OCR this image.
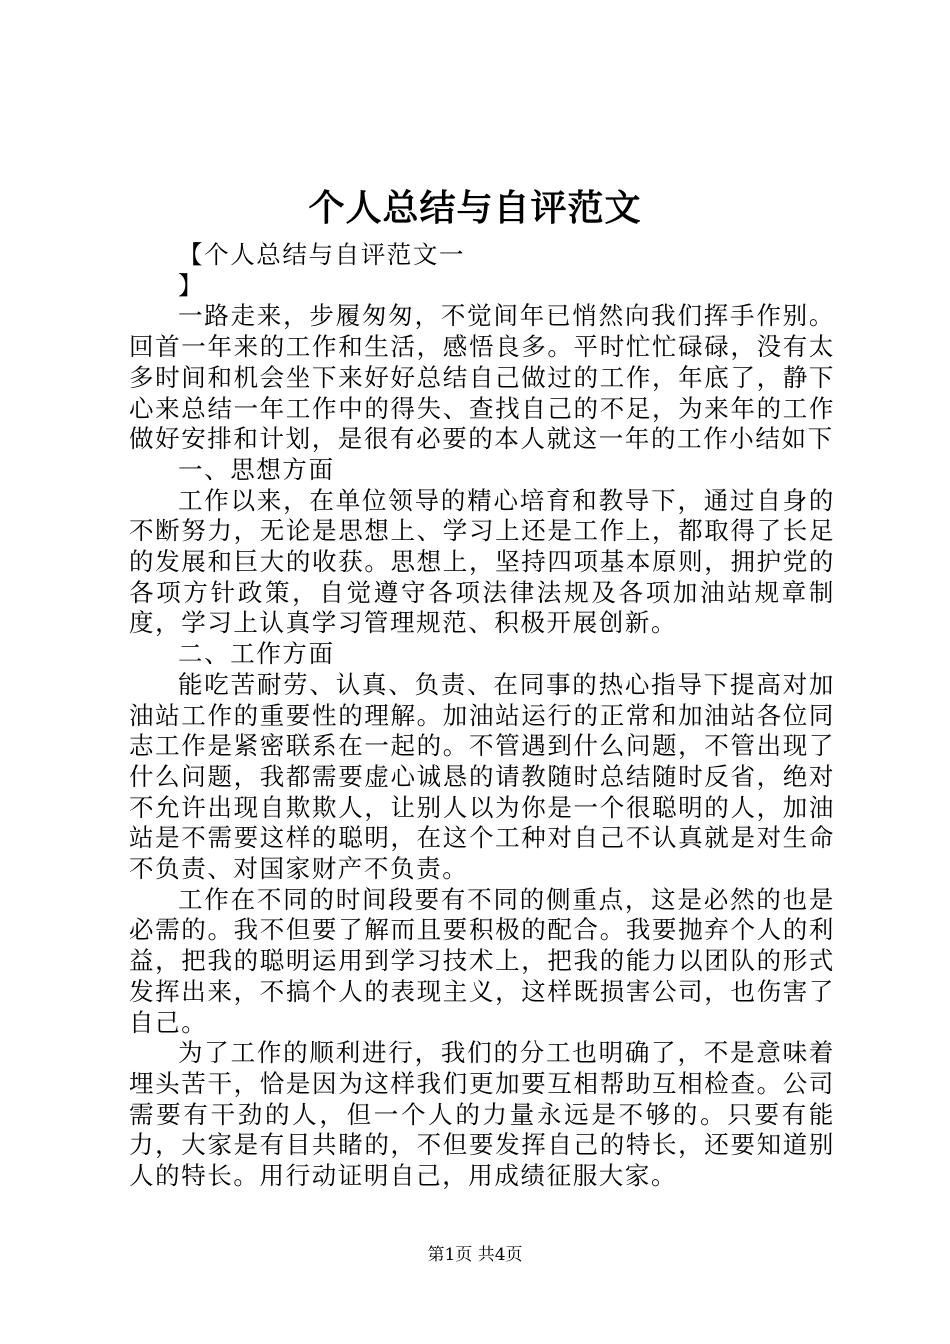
个人总结与自评范文

【个人总结与自评范文一

】

一路走来，步履匆匆，不觉间年已悄然向我们挥手作别。回首一年来的工作和生活，感悟良多。平时忙忙碌碌，没有太多时间和机会坐下来好好总结自己做过的工作，年底了，静下心来总结一年工作中的得失、查找自己的不足，为来年的工作做好安排和计划，是很有必要的本人就这一年的工作小结如下

一、思想方面

工作以来，在单位领导的精心培育和教导下，通过自身的不断努力，无论是思想上、学习上还是工作上，都取得了长足的发展和巨大的收获。思想上，坚持四项基本原则，拥护党的各项方针政策，自觉遵守各项法律法规及各项加油站规章制度，学习上认真学习管理规范、积极开展创新。

二、工作方面

能吃苦耐劳、认真、负责、在同事的热心指导下提高对加油站工作的重要性的理解。加油站运行的正常和加油站各位同志工作是紧密联系在一起的。不管遇到什么问题，不管出现了什么问题，我都需要虚心诚恳的请教随时总结随时反省，绝对不允许出现自欺欺人，让别人以为你是一个很聪明的人，加油站是不需要这样的聪明，在这个工种对自己不认真就是对生命不负责、对国家财产不负责。

工作在不同的时间段要有不同的侧重点，这是必然的也是必需的。我不但要了解而且要积极的配合。我要抛弃个人的利益，把我的聪明运用到学习技术上，把我的能力以团队的形式发挥出来，不搞个人的表现主义，这样既损害公司，也伤害了自己。

为了工作的顺利进行，我们的分工也明确了，不是意味着埋头苦干，恰是因为这样我们更加要互相帮助互相检查。公司需要有干劲的人，但一个人的力量永远是不够的。只要有能力，大家是有目共睹的，不但要发挥自己的特长，还要知道别人的特长。用行动证明自己，用成绩征服大家。

第1页 共4页
